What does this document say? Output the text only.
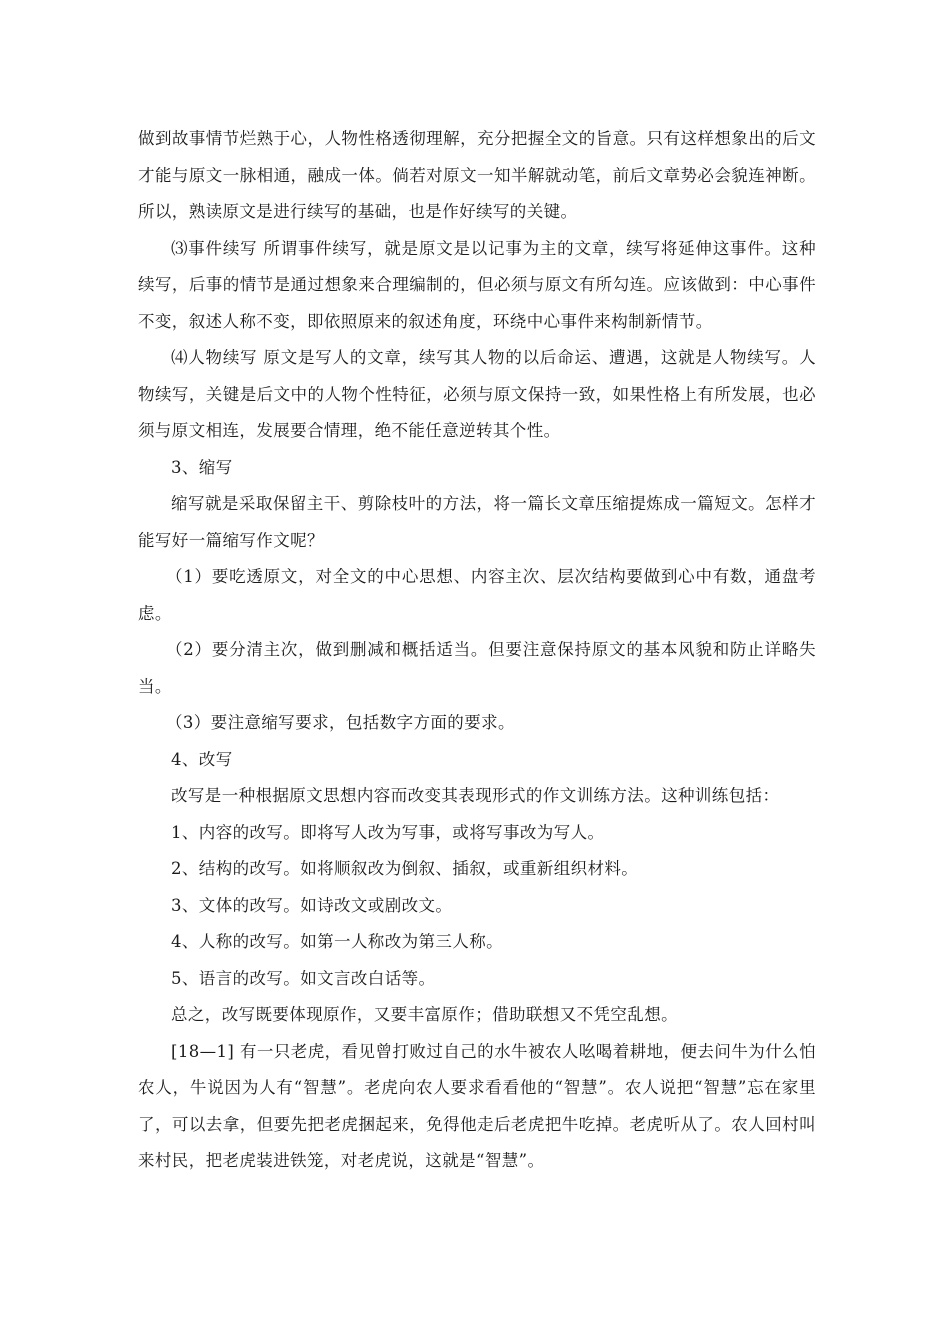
做到故事情节烂熟于心，人物性格透彻理解，充分把握全文的旨意。只有这样想象出的后文才能与原文一脉相通，融成一体。倘若对原文一知半解就动笔，前后文章势必会貌连神断。所以，熟读原文是进行续写的基础，也是作好续写的关键。

⑶事件续写 所谓事件续写，就是原文是以记事为主的文章，续写将延伸这事件。这种续写，后事的情节是通过想象来合理编制的，但必须与原文有所勾连。应该做到：中心事件不变，叙述人称不变，即依照原来的叙述角度，环绕中心事件来构制新情节。

⑷人物续写 原文是写人的文章，续写其人物的以后命运、遭遇，这就是人物续写。人物续写，关键是后文中的人物个性特征，必须与原文保持一致，如果性格上有所发展，也必须与原文相连，发展要合情理，绝不能任意逆转其个性。

3、缩写

缩写就是采取保留主干、剪除枝叶的方法，将一篇长文章压缩提炼成一篇短文。怎样才能写好一篇缩写作文呢？

（1）要吃透原文，对全文的中心思想、内容主次、层次结构要做到心中有数，通盘考虑。

（2）要分清主次，做到删减和概括适当。但要注意保持原文的基本风貌和防止详略失当。

（3）要注意缩写要求，包括数字方面的要求。

4、改写

改写是一种根据原文思想内容而改变其表现形式的作文训练方法。这种训练包括：

1、内容的改写。即将写人改为写事，或将写事改为写人。

2、结构的改写。如将顺叙改为倒叙、插叙，或重新组织材料。

3、文体的改写。如诗改文或剧改文。

4、人称的改写。如第一人称改为第三人称。

5、语言的改写。如文言改白话等。

总之，改写既要体现原作，又要丰富原作；借助联想又不凭空乱想。

[18—1] 有一只老虎，看见曾打败过自己的水牛被农人吆喝着耕地，便去问牛为什么怕农人，牛说因为人有“智慧”。老虎向农人要求看看他的“智慧”。农人说把“智慧”忘在家里了，可以去拿，但要先把老虎捆起来，免得他走后老虎把牛吃掉。老虎听从了。农人回村叫来村民，把老虎装进铁笼，对老虎说，这就是“智慧”。
